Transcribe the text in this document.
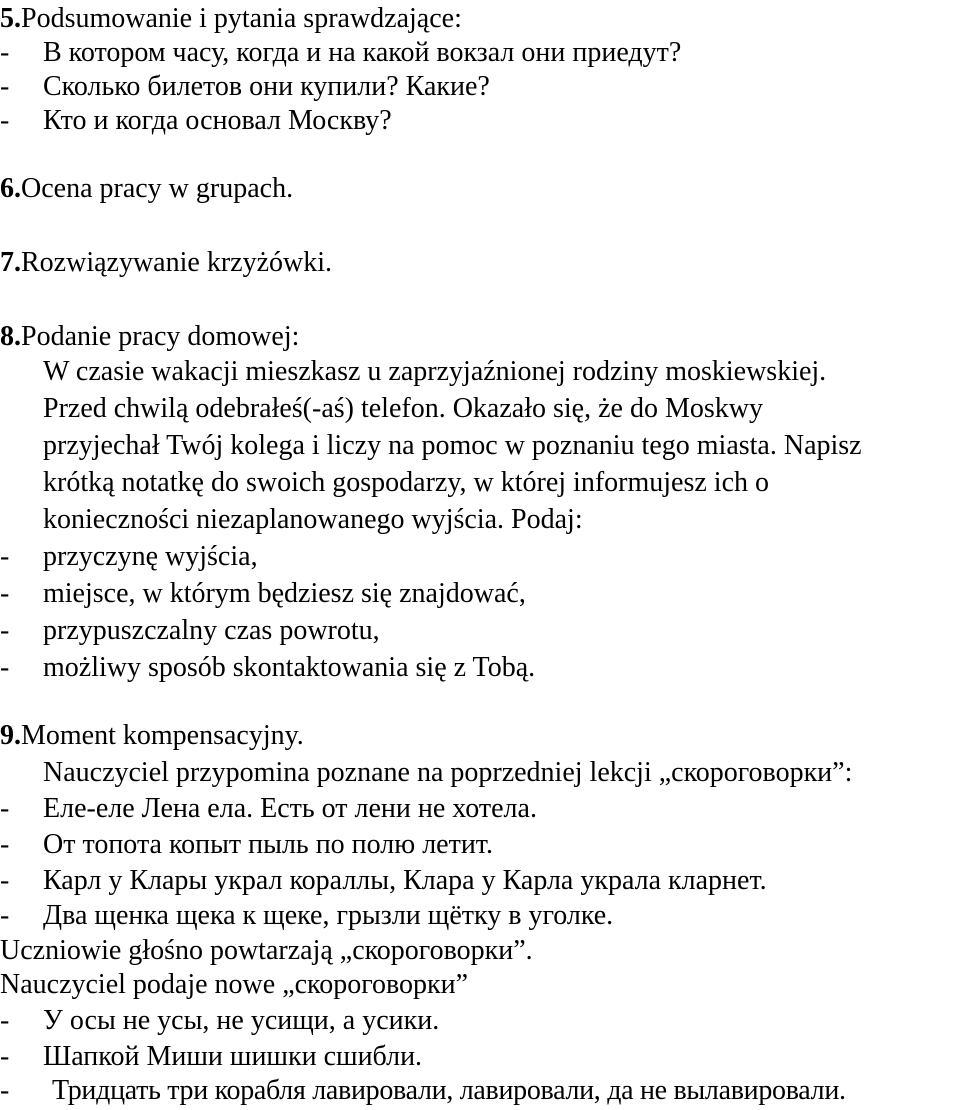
5.Podsumowanie i pytania sprawdzające:
-	В котором часу, когда и на какой вокзал они приедут?
-	Сколько билетов они купили? Какие?
-	Кто и когда основал Москву?
6.Ocena pracy w grupach.
7.Rozwiązywanie krzyżówki.
8.Podanie pracy domowej:
W czasie wakacji mieszkasz u zaprzyjaźnionej rodziny moskiewskiej.
Przed chwilą odebrałeś(-aś) telefon. Okazało się, że do Moskwy
przyjechał Twój kolega i liczy na pomoc w poznaniu tego miasta. Napisz
krótką notatkę do swoich gospodarzy, w której informujesz ich o
konieczności niezaplanowanego wyjścia. Podaj:
-	przyczynę wyjścia,
-	miejsce, w którym będziesz się znajdować,
-	przypuszczalny czas powrotu,
-	możliwy sposób skontaktowania się z Tobą.
9.Moment kompensacyjny.
Nauczyciel przypomina poznane na poprzedniej lekcji „скороговорки”:
-	Еле-еле Лена ела. Есть от лени не хотела.
-	От топота копыт пыль по полю летит.
-	Карл у Клары украл кораллы, Клара у Карла украла кларнет.
-	Два щенка щека к щеке, грызли щётку в уголке.
Uczniowie głośno powtarzają „скороговорки”.
Nauczyciel podaje nowe „скороговорки”
-	У осы не усы, не усищи, а усики.
-	Шапкой Миши шишки сшибли.
-	Тридцать три корабля лавировали, лавировали, да не вылавировали.
